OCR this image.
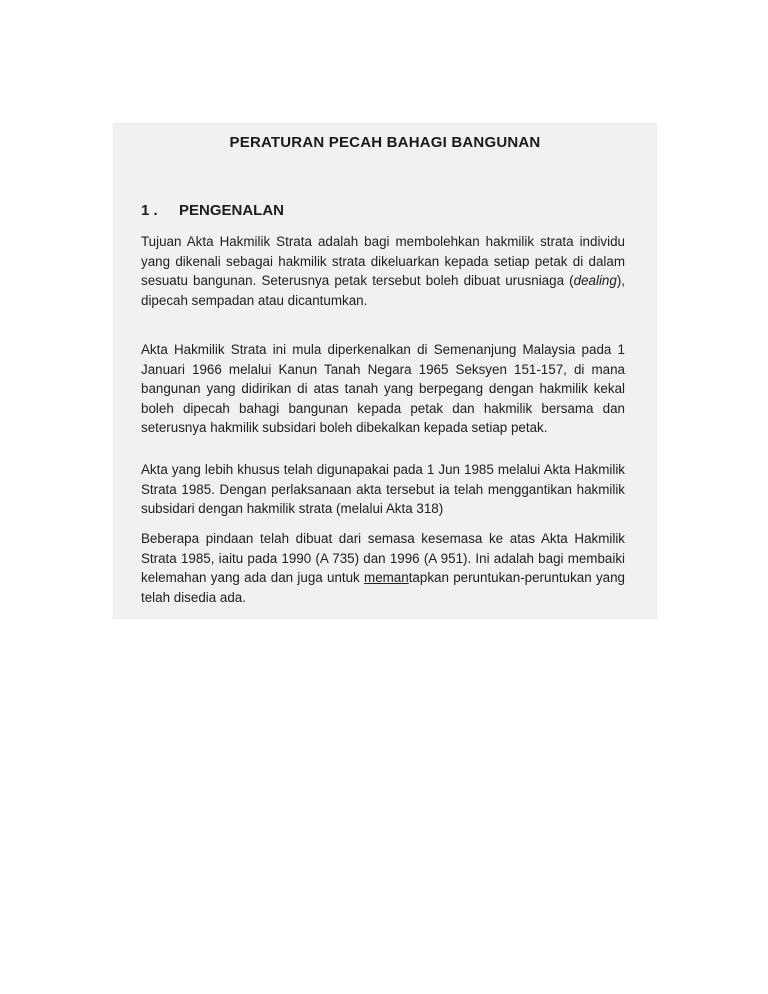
PERATURAN PECAH BAHAGI BANGUNAN
1 . PENGENALAN
Tujuan Akta Hakmilik Strata adalah bagi membolehkan hakmilik strata individu yang dikenali sebagai hakmilik strata dikeluarkan kepada setiap petak di dalam sesuatu bangunan. Seterusnya petak tersebut boleh dibuat urusniaga (dealing), dipecah sempadan atau dicantumkan.
Akta Hakmilik Strata ini mula diperkenalkan di Semenanjung Malaysia pada 1 Januari 1966 melalui Kanun Tanah Negara 1965 Seksyen 151-157, di mana bangunan yang didirikan di atas tanah yang berpegang dengan hakmilik kekal boleh dipecah bahagi bangunan kepada petak dan hakmilik bersama dan seterusnya hakmilik subsidari boleh dibekalkan kepada setiap petak.
Akta yang lebih khusus telah digunapakai pada 1 Jun 1985 melalui Akta Hakmilik Strata 1985. Dengan perlaksanaan akta tersebut ia telah menggantikan hakmilik subsidari dengan hakmilik strata (melalui Akta 318)
Beberapa pindaan telah dibuat dari semasa kesemasa ke atas Akta Hakmilik Strata 1985, iaitu pada 1990 (A 735) dan 1996 (A 951). Ini adalah bagi membaiki kelemahan yang ada dan juga untuk memantapkan peruntukan-peruntukan yang telah disedia ada.
